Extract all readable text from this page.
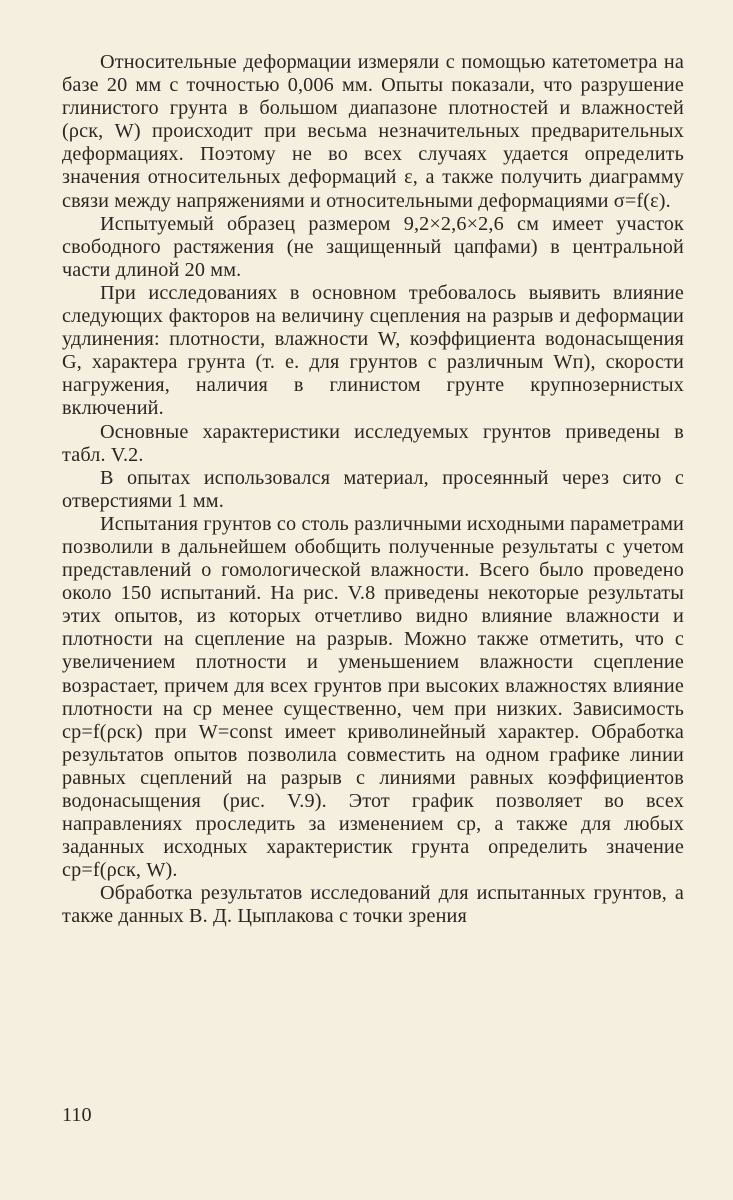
Относительные деформации измеряли с помощью катетометра на базе 20 мм с точностью 0,006 мм. Опыты показали, что разрушение глинистого грунта в большом диапазоне плотностей и влажностей (ρск, W) происходит при весьма незначительных предварительных деформациях. Поэтому не во всех случаях удается определить значения относительных деформаций ε, а также получить диаграмму связи между напряжениями и относительными деформациями σ=f(ε).

Испытуемый образец размером 9,2×2,6×2,6 см имеет участок свободного растяжения (не защищенный цапфами) в центральной части длиной 20 мм.

При исследованиях в основном требовалось выявить влияние следующих факторов на величину сцепления на разрыв и деформации удлинения: плотности, влажности W, коэффициента водонасыщения G, характера грунта (т. е. для грунтов с различным Wп), скорости нагружения, наличия в глинистом грунте крупнозернистых включений.

Основные характеристики исследуемых грунтов приведены в табл. V.2.

В опытах использовался материал, просеянный через сито с отверстиями 1 мм.

Испытания грунтов со столь различными исходными параметрами позволили в дальнейшем обобщить полученные результаты с учетом представлений о гомологической влажности. Всего было проведено около 150 испытаний. На рис. V.8 приведены некоторые результаты этих опытов, из которых отчетливо видно влияние влажности и плотности на сцепление на разрыв. Можно также отметить, что с увеличением плотности и уменьшением влажности сцепление возрастает, причем для всех грунтов при высоких влажностях влияние плотности на cр менее существенно, чем при низких. Зависимость cр=f(ρск) при W=const имеет криволинейный характер. Обработка результатов опытов позволила совместить на одном графике линии равных сцеплений на разрыв с линиями равных коэффициентов водонасыщения (рис. V.9). Этот график позволяет во всех направлениях проследить за изменением cр, а также для любых заданных исходных характеристик грунта определить значение cр=f(ρск, W).

Обработка результатов исследований для испытанных грунтов, а также данных В. Д. Цыплакова с точки зрения

110
